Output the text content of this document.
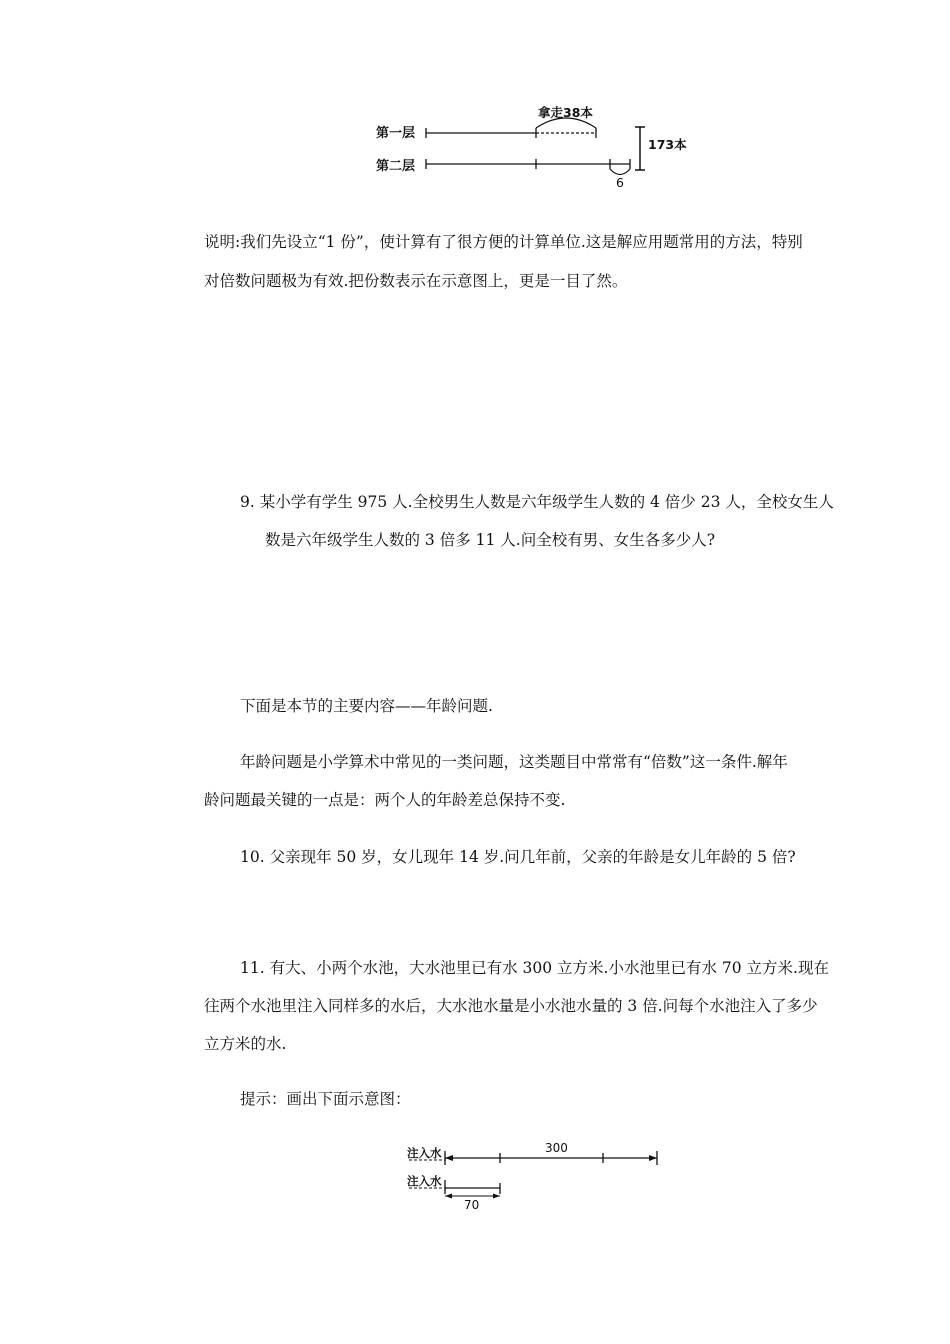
第一层
第二层
拿走38本
6
173本

说明:我们先设立“1 份”，使计算有了很方便的计算单位.这是解应用题常用的方法，特别

对倍数问题极为有效.把份数表示在示意图上，更是一目了然。

9. 某小学有学生 975 人.全校男生人数是六年级学生人数的 4 倍少 23 人，全校女生人

数是六年级学生人数的 3 倍多 11 人.问全校有男、女生各多少人?

下面是本节的主要内容——年龄问题.

年龄问题是小学算术中常见的一类问题，这类题目中常常有“倍数”这一条件.解年

龄问题最关键的一点是：两个人的年龄差总保持不变.

10. 父亲现年 50 岁，女儿现年 14 岁.问几年前，父亲的年龄是女儿年龄的 5 倍?

11. 有大、小两个水池，大水池里已有水 300 立方米.小水池里已有水 70 立方米.现在

往两个水池里注入同样多的水后，大水池水量是小水池水量的 3 倍.问每个水池注入了多少

立方米的水.

提示：画出下面示意图：

注入水	300
注入水
70
